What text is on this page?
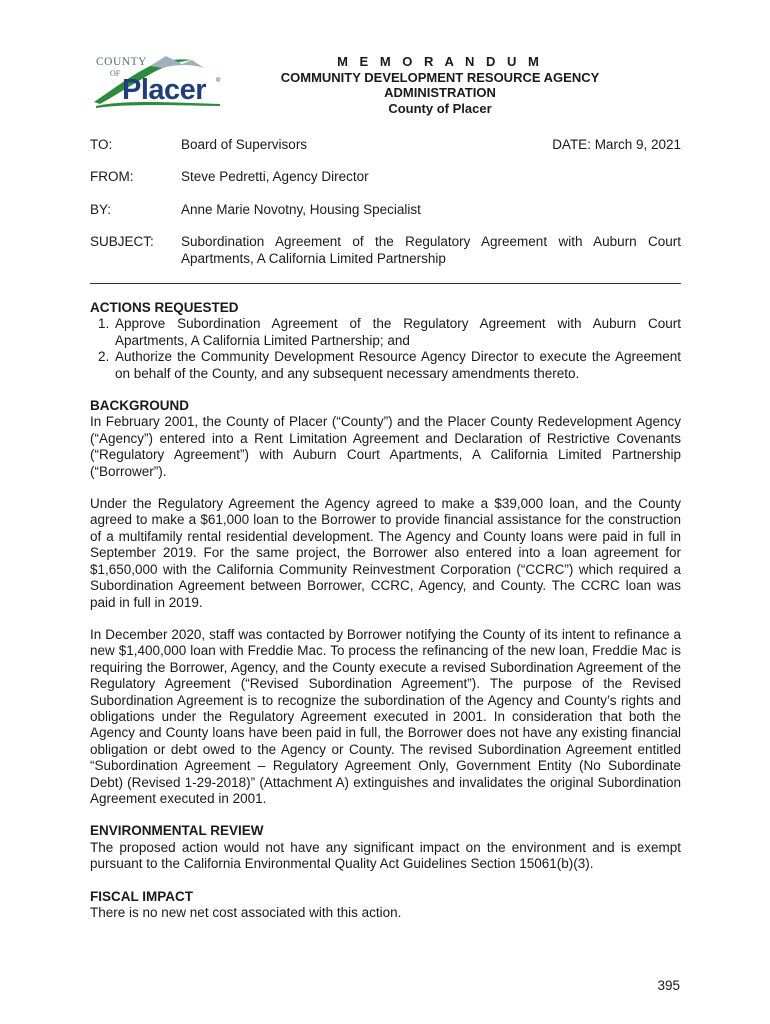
COUNTY
OF
Placer ®
M E M O R A N D U M
COMMUNITY DEVELOPMENT RESOURCE AGENCY
ADMINISTRATION
County of Placer
TO:	Board of Supervisors	DATE: March 9, 2021
FROM:	Steve Pedretti, Agency Director
BY:	Anne Marie Novotny, Housing Specialist
SUBJECT: Subordination Agreement of the Regulatory Agreement with Auburn Court Apartments, A California Limited Partnership
ACTIONS REQUESTED
1. Approve Subordination Agreement of the Regulatory Agreement with Auburn Court Apartments, A California Limited Partnership; and
2. Authorize the Community Development Resource Agency Director to execute the Agreement on behalf of the County, and any subsequent necessary amendments thereto.
BACKGROUND

In February 2001, the County of Placer (“County”) and the Placer County Redevelopment Agency (“Agency”) entered into a Rent Limitation Agreement and Declaration of Restrictive Covenants (“Regulatory Agreement”) with Auburn Court Apartments, A California Limited Partnership (“Borrower”).

Under the Regulatory Agreement the Agency agreed to make a $39,000 loan, and the County agreed to make a $61,000 loan to the Borrower to provide financial assistance for the construction of a multifamily rental residential development. The Agency and County loans were paid in full in September 2019. For the same project, the Borrower also entered into a loan agreement for $1,650,000 with the California Community Reinvestment Corporation (“CCRC”) which required a Subordination Agreement between Borrower, CCRC, Agency, and County. The CCRC loan was paid in full in 2019.

In December 2020, staff was contacted by Borrower notifying the County of its intent to refinance a new $1,400,000 loan with Freddie Mac. To process the refinancing of the new loan, Freddie Mac is requiring the Borrower, Agency, and the County execute a revised Subordination Agreement of the Regulatory Agreement (“Revised Subordination Agreement”). The purpose of the Revised Subordination Agreement is to recognize the subordination of the Agency and County’s rights and obligations under the Regulatory Agreement executed in 2001. In consideration that both the Agency and County loans have been paid in full, the Borrower does not have any existing financial obligation or debt owed to the Agency or County. The revised Subordination Agreement entitled “Subordination Agreement – Regulatory Agreement Only, Government Entity (No Subordinate Debt) (Revised 1-29-2018)” (Attachment A) extinguishes and invalidates the original Subordination Agreement executed in 2001.

ENVIRONMENTAL REVIEW

The proposed action would not have any significant impact on the environment and is exempt pursuant to the California Environmental Quality Act Guidelines Section 15061(b)(3).

FISCAL IMPACT

There is no new net cost associated with this action.

395
